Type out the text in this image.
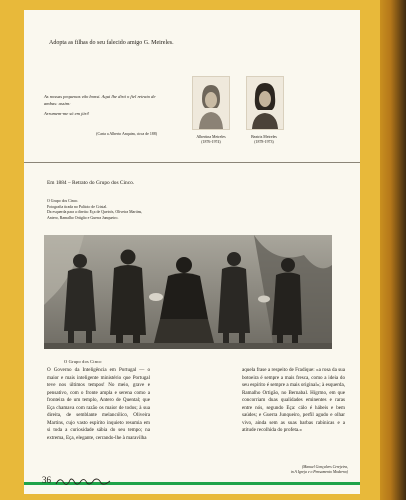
Adopta as filhas do seu falecido amigo G. Meireles.

As nossas pequenas vão bonsi. Aqui lhe dirá o fiel retrato de ambas: assim:

Arrumem-me só em júri!

(Carta a Alberto Anquim, circa de 188)
Albertina Meireles
(1876-1974)
Beatriz Meireles
(1878-1973)
Em 1884 – Retrato do Grupo dos Cinco.

O Grupo dos Cinco.

Fotografia tirada no Palácio de Cristal.

Da esquerda para a direita: Eça de Queirós, Oliveira Martins,

Antero, Ramalho Ortigão e Guerra Junqueiro.

O Grupo dos Cinco

O Governo da Inteligência em Portugal — o maior e mais inteligente ministério que Portugal teve nos últimos tempos! No meio, grave e pensativo, com o fronte ampla e serena como a fronteira de um templo, Antero de Quental; que Eça chamava com razão os maior de todos; à sua direita, de semblante melancólico, Oliveira Martins, cujo vasto espírito inquieto resumia em si toda a curiosidade sábia do seu tempo; na extrema, Eça, elegante, cerrando-lhe à maravilha

aquela frase a respeito de Fradique: «a rosa da sua botoeira é sempre a mais fresca, como a ideia do seu espírito é sempre a mais original»; à esquerda, Ramalho Ortigão, no Bernabal. Hígrmo, em que concorriam duas qualidades eminentes e raras entre nós, segundo Eça: cálo é hábeis e bem saúdes; e Guerra Junqueiro, perfil agudo e olhar vivo, ainda sem as suas barbas rabínicas e a atitude recolhida do profeta.»

(Manuel Gonçalves Cerejeira,
in A Igreja e o Pensamento Moderno)
36
